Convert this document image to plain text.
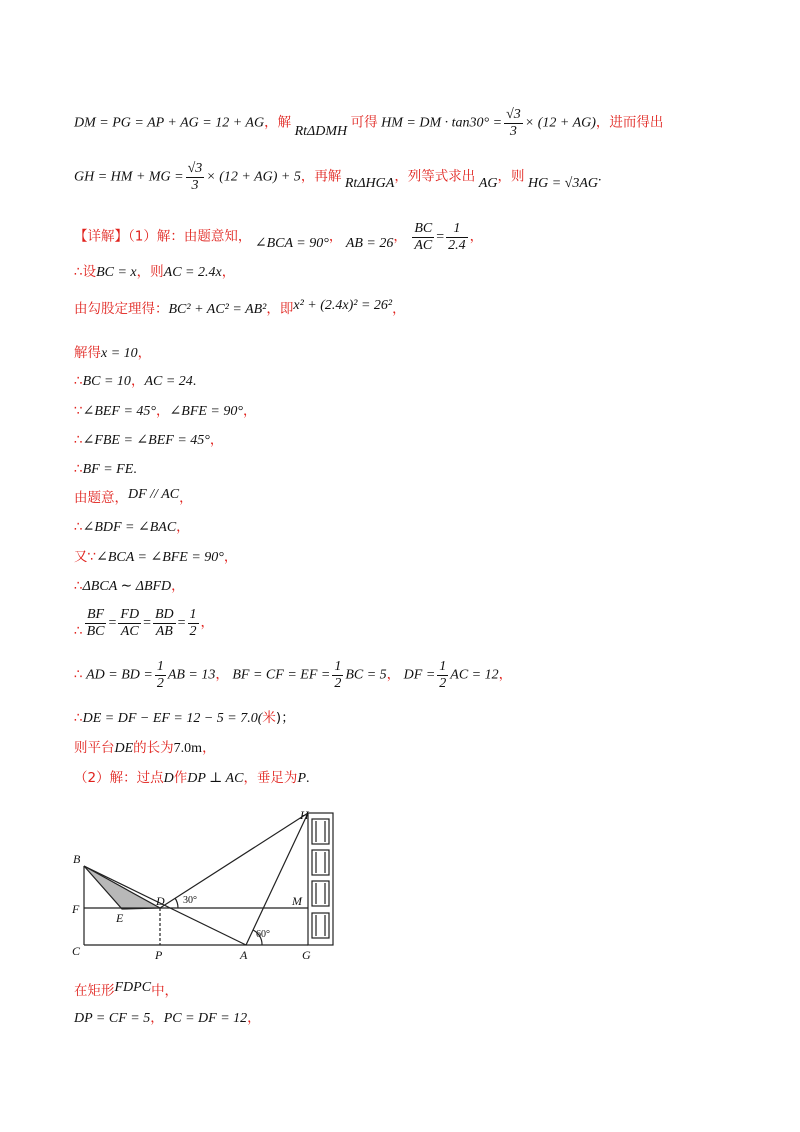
DM = PG = AP + AG = 12 + AG，解 RtΔDMH 可得 HM = DM · $\tan 30^\circ = \frac{√3}{3} \times (12 + AG)$，进而得出
GH = HM + MG = $\frac{√3}{3} \times (12 + AG) + 5$，再解 RtΔHGA，列等式求出 AG，则 HG = √3AG.
【详解】（1）解：由题意知， ∠BCA = 90°， AB = 26， $\frac{BC}{AC} = \frac{1}{2.4}$ ，
∴设BC = x，则AC = 2.4x，
由勾股定理得：BC² + AC² = AB²，即x² + (2.4x)² = 26²，
解得x = 10，
∴BC = 10，AC = 24.
∵∠BEF = 45°，∠BFE = 90°，
∴∠FBE = ∠BEF = 45°，
∴BF = FE.
由题意，DF // AC，
∴∠BDF = ∠BAC，
又∵∠BCA = ∠BFE = 90°，
∴ΔBCA ∼ ΔBFD，
∴ $\frac{BF}{BC} = \frac{FD}{AC} = \frac{BD}{AB} = \frac{1}{2}$ ，
∴ AD = BD = $\frac{1}{2}$ AB = 13， BF = CF = EF = $\frac{1}{2}$ BC = 5， DF = $\frac{1}{2}$ AC = 12，
∴DE = DF − EF = 12 − 5 = 7.0(米)；
则平台DE的长为7.0m，
（2）解：过点D作DP ⊥ AC，垂足为P.
H
B
D	M
F
E
C	P	A	G
30°
60°
在矩形FDPC中，
DP = CF = 5，PC = DF = 12，
